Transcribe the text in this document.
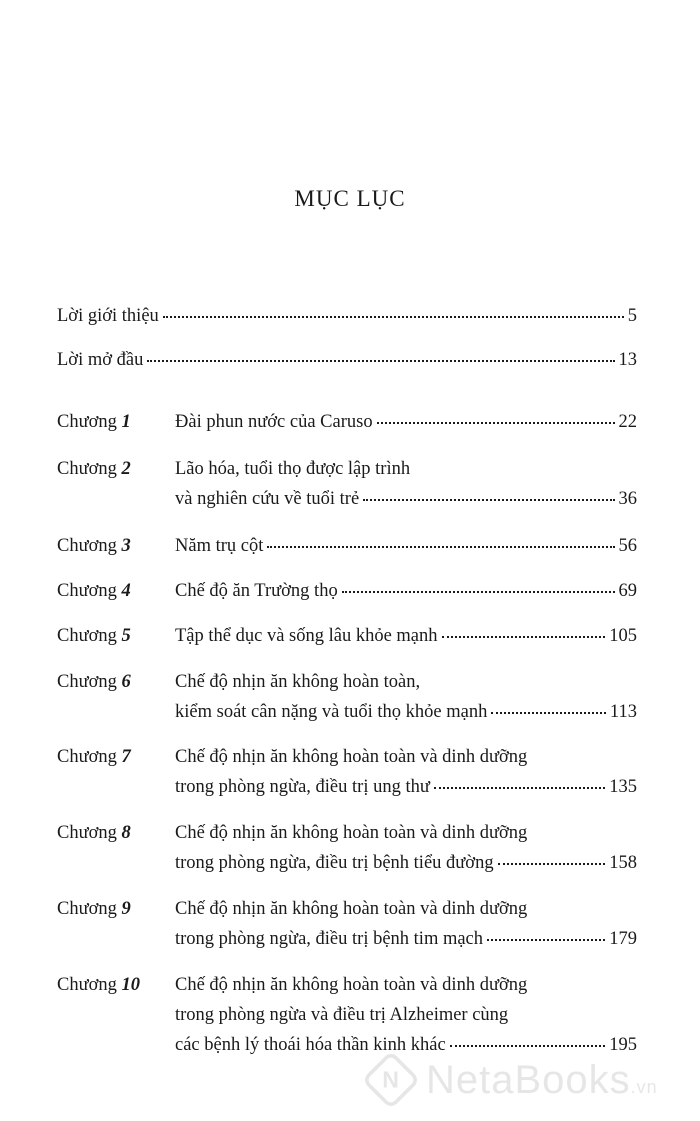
MỤC LỤC
Lời giới thiệu	5
Lời mở đầu	13
Chương 1 Đài phun nước của Caruso	22
Chương 2 Lão hóa, tuổi thọ được lập trình
và nghiên cứu về tuổi trẻ	36
Chương 3 Năm trụ cột	56
Chương 4 Chế độ ăn Trường thọ	69
Chương 5 Tập thể dục và sống lâu khỏe mạnh	105
Chương 6 Chế độ nhịn ăn không hoàn toàn,
kiểm soát cân nặng và tuổi thọ khỏe mạnh	113
Chương 7 Chế độ nhịn ăn không hoàn toàn và dinh dưỡng
trong phòng ngừa, điều trị ung thư	135
Chương 8 Chế độ nhịn ăn không hoàn toàn và dinh dưỡng
trong phòng ngừa, điều trị bệnh tiểu đường	158
Chương 9 Chế độ nhịn ăn không hoàn toàn và dinh dưỡng
trong phòng ngừa, điều trị bệnh tim mạch	179
Chương 10 Chế độ nhịn ăn không hoàn toàn và dinh dưỡng
trong phòng ngừa và điều trị Alzheimer cùng
các bệnh lý thoái hóa thần kinh khác	195
N NetaBooks.vn
